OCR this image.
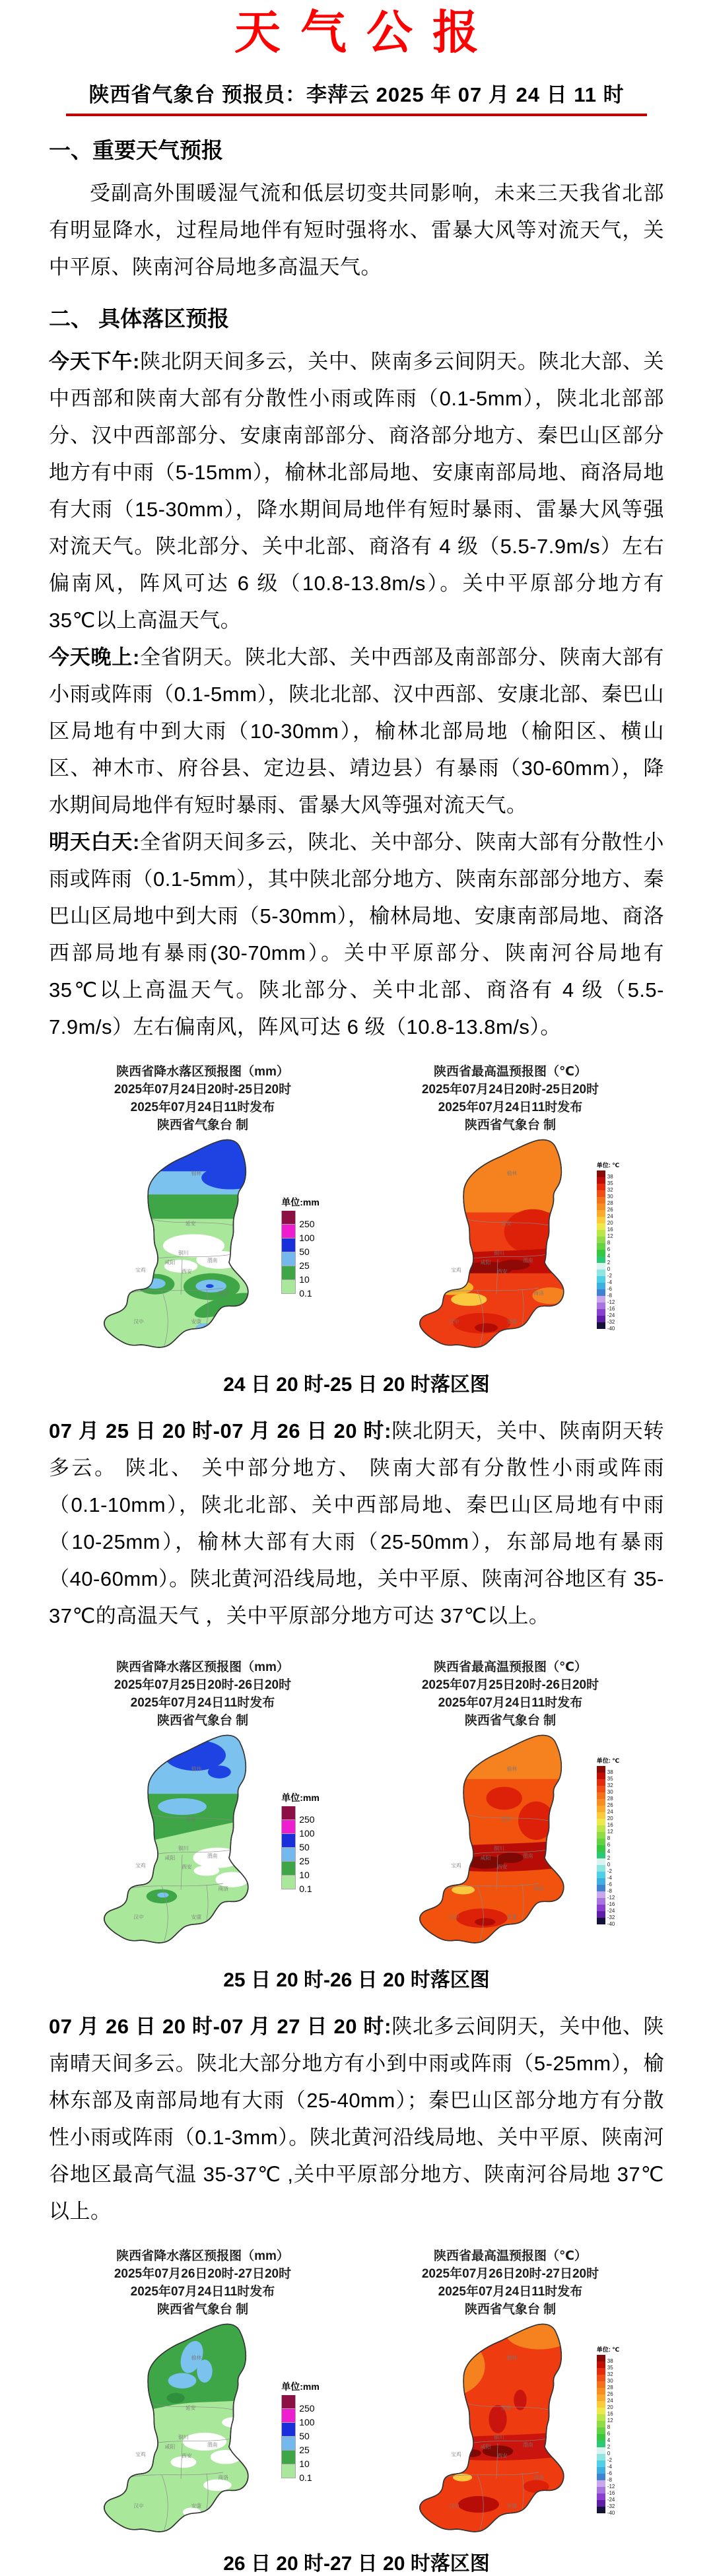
天气公报
陕西省气象台 预报员：李萍云 2025 年 07 月 24 日 11 时
一、重要天气预报

受副高外围暖湿气流和低层切变共同影响，未来三天我省北部有明显降水，过程局地伴有短时强将水、雷暴大风等对流天气，关中平原、陕南河谷局地多高温天气。

二、 具体落区预报

今天下午:陕北阴天间多云，关中、陕南多云间阴天。陕北大部、关中西部和陕南大部有分散性小雨或阵雨（0.1-5mm），陕北北部部分、汉中西部部分、安康南部部分、商洛部分地方、秦巴山区部分地方有中雨（5-15mm），榆林北部局地、安康南部局地、商洛局地有大雨（15-30mm），降水期间局地伴有短时暴雨、雷暴大风等强对流天气。陕北部分、关中北部、商洛有 4 级（5.5-7.9m/s）左右偏南风，阵风可达 6 级（10.8-13.8m/s）。关中平原部分地方有 35℃以上高温天气。

今天晚上:全省阴天。陕北大部、关中西部及南部部分、陕南大部有小雨或阵雨（0.1-5mm），陕北北部、汉中西部、安康北部、秦巴山区局地有中到大雨（10-30mm），榆林北部局地（榆阳区、横山区、神木市、府谷县、定边县、靖边县）有暴雨（30-60mm），降水期间局地伴有短时暴雨、雷暴大风等强对流天气。

明天白天:全省阴天间多云，陕北、关中部分、陕南大部有分散性小雨或阵雨（0.1-5mm），其中陕北部分地方、陕南东部部分地方、秦巴山区局地中到大雨（5-30mm），榆林局地、安康南部局地、商洛西部局地有暴雨(30-70mm）。关中平原部分、陕南河谷局地有 35℃以上高温天气。陕北部分、关中北部、商洛有 4 级（5.5-7.9m/s）左右偏南风，阵风可达 6 级（10.8-13.8m/s）。

陕西省降水落区预报图（mm）
2025年07月24日20时-25日20时
2025年07月24日11时发布
陕西省气象台 制
单位:mm
250
100
50
25
10
0.1
陕西省最高温预报图（℃）
2025年07月24日20时-25日20时
2025年07月24日11时发布
陕西省气象台 制
单位: ℃
38
35
32
30
28
26
24
20
16
12
8
6
4
2
0
-2
-4
-6
-8
-12
-16
-24
-32
-40
24 日 20 时-25 日 20 时落区图

07 月 25 日 20 时-07 月 26 日 20 时:陕北阴天，关中、陕南阴天转多云。 陕北、 关中部分地方、 陕南大部有分散性小雨或阵雨（0.1-10mm），陕北北部、关中西部局地、秦巴山区局地有中雨（10-25mm），榆林大部有大雨（25-50mm），东部局地有暴雨（40-60mm）。陕北黄河沿线局地，关中平原、陕南河谷地区有 35-37℃的高温天气 ，关中平原部分地方可达 37℃以上。

陕西省降水落区预报图（mm）
2025年07月25日20时-26日20时
2025年07月24日11时发布
陕西省气象台 制
单位:mm
250
100
50
25
10
0.1
陕西省最高温预报图（℃）
2025年07月25日20时-26日20时
2025年07月24日11时发布
陕西省气象台 制
单位: ℃
38
35
32
30
28
26
24
20
16
12
8
6
4
2
0
-2
-4
-6
-8
-12
-16
-24
-32
-40
25 日 20 时-26 日 20 时落区图

07 月 26 日 20 时-07 月 27 日 20 时:陕北多云间阴天，关中他、陕南晴天间多云。陕北大部分地方有小到中雨或阵雨（5-25mm），榆林东部及南部局地有大雨（25-40mm）；秦巴山区部分地方有分散性小雨或阵雨（0.1-3mm）。陕北黄河沿线局地、关中平原、陕南河谷地区最高气温 35-37℃ ,关中平原部分地方、陕南河谷局地 37℃以上。

陕西省降水落区预报图（mm）
2025年07月26日20时-27日20时
2025年07月24日11时发布
陕西省气象台 制
单位:mm
250
100
50
25
10
0.1
陕西省最高温预报图（℃）
2025年07月26日20时-27日20时
2025年07月24日11时发布
陕西省气象台 制
单位: ℃
38
35
32
30
28
26
24
20
16
12
8
6
4
2
0
-2
-4
-6
-8
-12
-16
-24
-32
-40
26 日 20 时-27 日 20 时落区图
